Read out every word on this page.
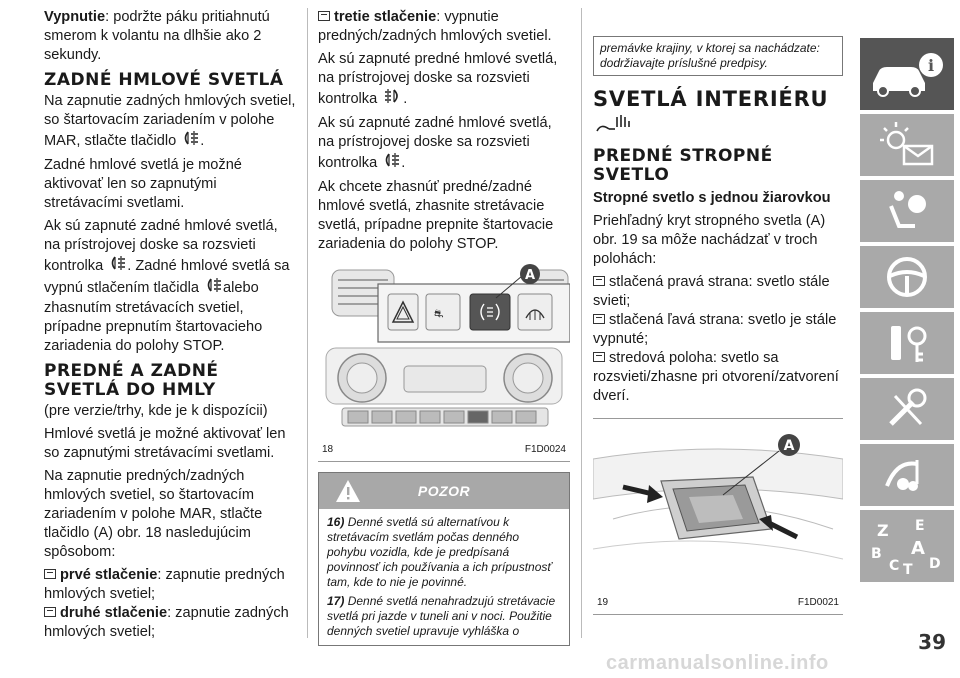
Vypnutie: podržte páku pritiahnutú smerom k volantu na dlhšie ako 2 sekundy.

ZADNÉ HMLOVÉ SVETLÁ

Na zapnutie zadných hmlových svetiel, so štartovacím zariadením v polohe MAR, stlačte tlačidlo .

Zadné hmlové svetlá je možné aktivovať len so zapnutými stretávacími svetlami.

Ak sú zapnuté zadné hmlové svetlá, na prístrojovej doske sa rozsvieti kontrolka . Zadné hmlové svetlá sa vypnú stlačením tlačidla alebo zhasnutím stretávacích svetiel, prípadne prepnutím štartovacieho zariadenia do polohy STOP.

PREDNÉ A ZADNÉ SVETLÁ DO HMLY

(pre verzie/trhy, kde je k dispozícii)

Hmlové svetlá je možné aktivovať len so zapnutými stretávacími svetlami.

Na zapnutie predných/zadných hmlových svetiel, so štartovacím zariadením v polohe MAR, stlačte tlačidlo (A) obr. 18 nasledujúcim spôsobom:

prvé stlačenie: zapnutie predných hmlových svetiel;

druhé stlačenie: zapnutie zadných hmlových svetiel;

tretie stlačenie: vypnutie predných/zadných hmlových svetiel.

Ak sú zapnuté predné hmlové svetlá, na prístrojovej doske sa rozsvieti kontrolka .

Ak sú zapnuté zadné hmlové svetlá, na prístrojovej doske sa rozsvieti kontrolka .

Ak chcete zhasnúť predné/zadné hmlové svetlá, zhasnite stretávacie svetlá, prípadne prepnite štartovacie zariadenia do polohy STOP.

⛐
A
18	F1D0024
POZOR

16) Denné svetlá sú alternatívou k stretávacím svetlám počas denného pohybu vozidla, kde je predpísaná povinnosť ich používania a ich prípustnosť tam, kde to nie je povinné.

17) Denné svetlá nenahradzujú stretávacie svetlá pri jazde v tuneli ani v noci. Použitie denných svetiel upravuje vyhláška o

premávke krajiny, v ktorej sa nachádzate: dodržiavajte príslušné predpisy.
SVETLÁ INTERIÉRU
PREDNÉ STROPNÉ SVETLO

Stropné svetlo s jednou žiarovkou

Priehľadný kryt stropného svetla (A) obr. 19 sa môže nachádzať v troch polohách:

stlačená pravá strana: svetlo stále svieti;

stlačená ľavá strana: svetlo je stále vypnuté;

stredová poloha: svetlo sa rozsvieti/zhasne pri otvorení/zatvorení dverí.

A
19	F1D0021
i
Z E
B A
C T D
39
carmanualsonline.info
